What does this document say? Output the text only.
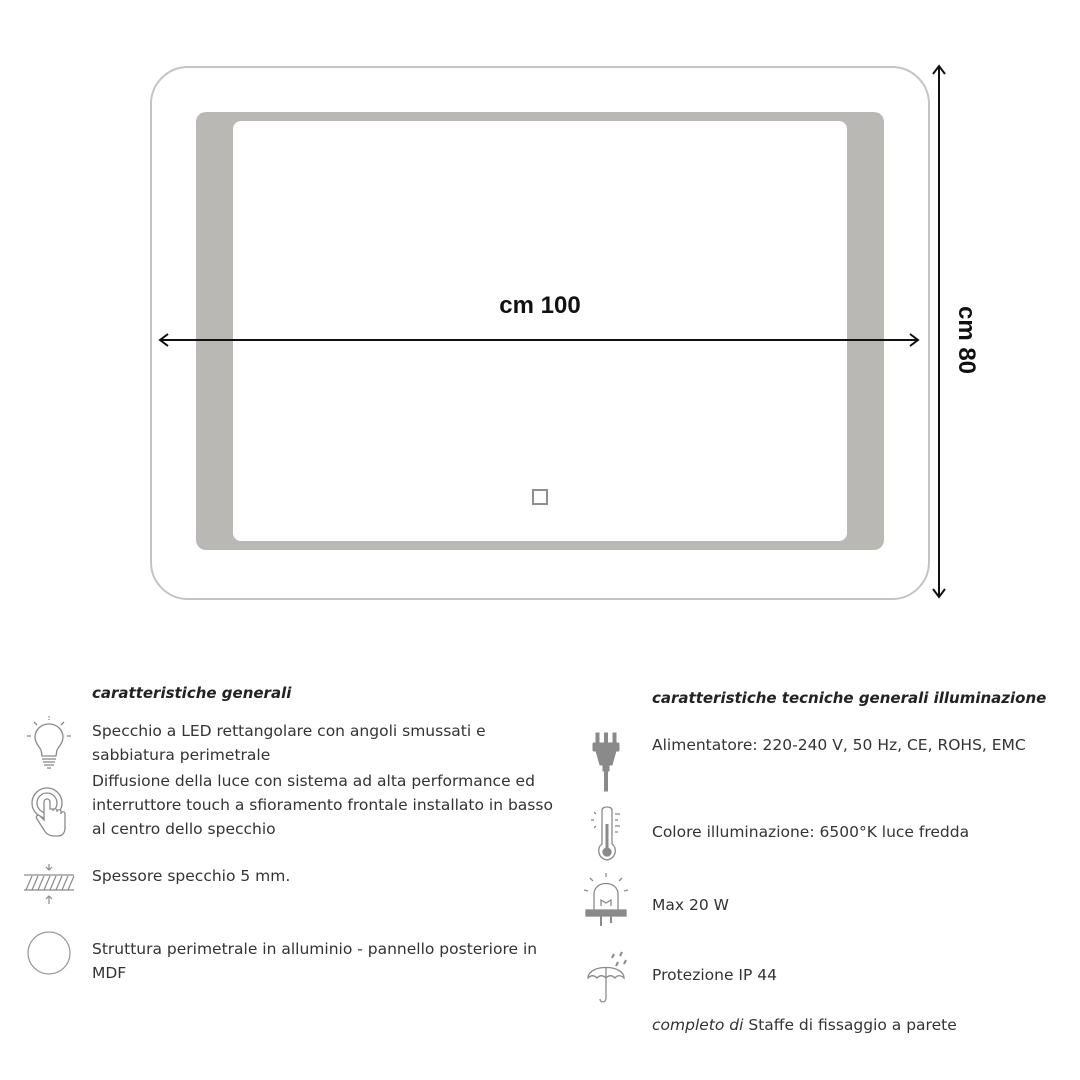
cm 100
cm 80
caratteristiche generali
Specchio a LED rettangolare con angoli smussati e sabbiatura perimetrale
Diffusione della luce con sistema ad alta performance ed interruttore touch a sfioramento frontale installato in basso al centro dello specchio
Spessore specchio 5 mm.
Struttura perimetrale in alluminio - pannello posteriore in MDF
caratteristiche tecniche generali illuminazione
Alimentatore: 220-240 V, 50 Hz, CE, ROHS, EMC
Colore illuminazione: 6500°K luce fredda
Max 20 W
Protezione IP 44
completo di Staffe di fissaggio a parete
